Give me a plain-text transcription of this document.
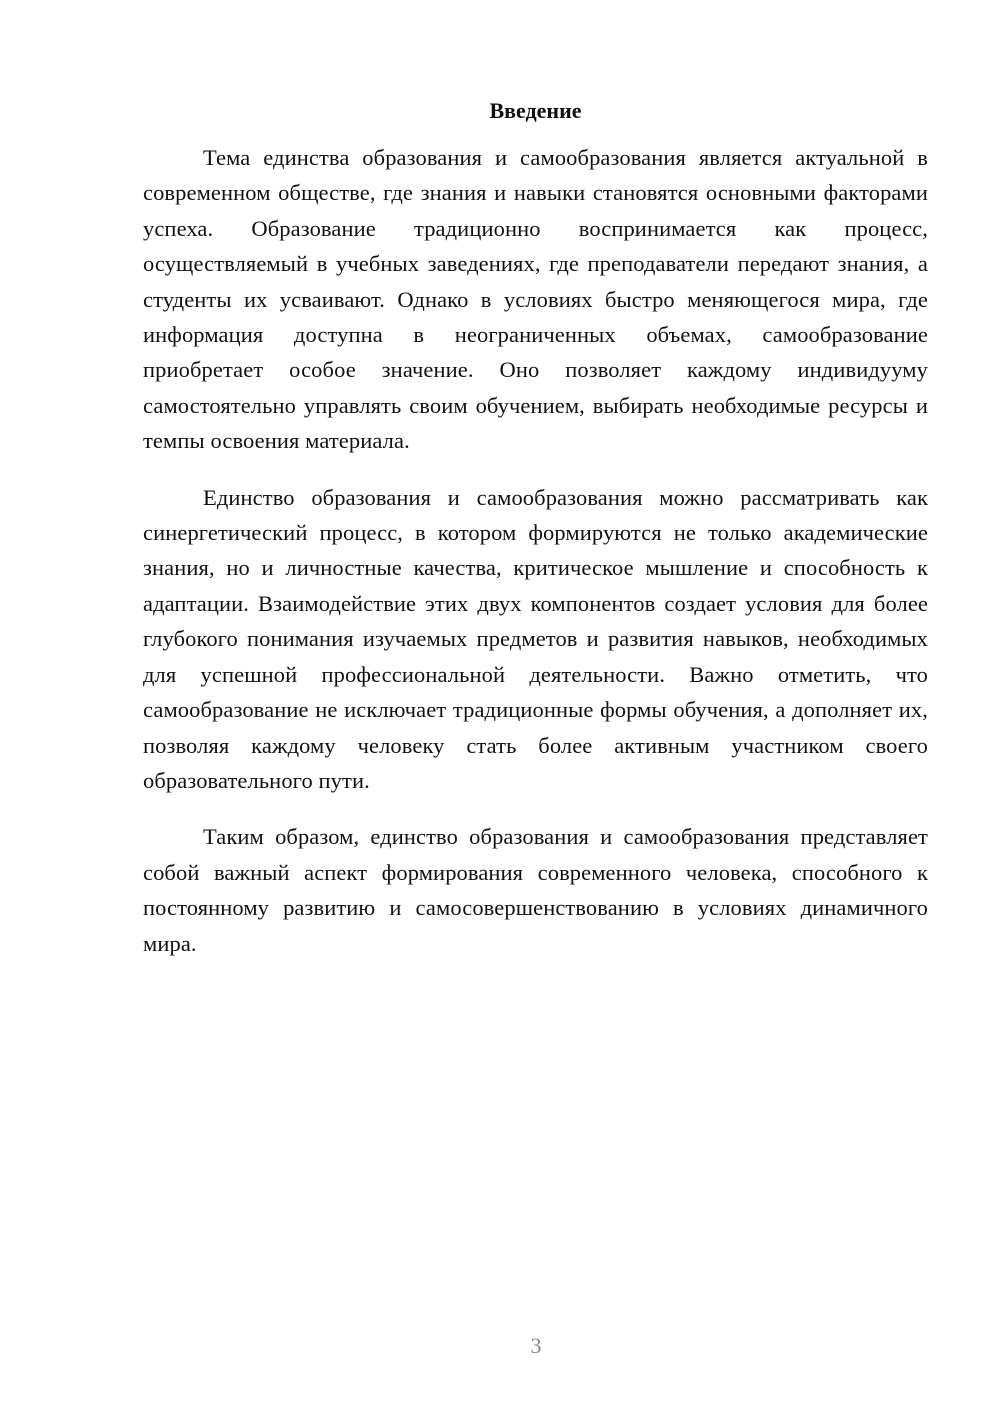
Введение

Тема единства образования и самообразования является актуальной в современном обществе, где знания и навыки становятся основными факторами успеха. Образование традиционно воспринимается как процесс, осуществляемый в учебных заведениях, где преподаватели передают знания, а студенты их усваивают. Однако в условиях быстро меняющегося мира, где информация доступна в неограниченных объемах, самообразование приобретает особое значение. Оно позволяет каждому индивидууму самостоятельно управлять своим обучением, выбирать необходимые ресурсы и темпы освоения материала.

Единство образования и самообразования можно рассматривать как синергетический процесс, в котором формируются не только академические знания, но и личностные качества, критическое мышление и способность к адаптации. Взаимодействие этих двух компонентов создает условия для более глубокого понимания изучаемых предметов и развития навыков, необходимых для успешной профессиональной деятельности. Важно отметить, что самообразование не исключает традиционные формы обучения, а дополняет их, позволяя каждому человеку стать более активным участником своего образовательного пути.

Таким образом, единство образования и самообразования представляет собой важный аспект формирования современного человека, способного к постоянному развитию и самосовершенствованию в условиях динамичного мира.

3
